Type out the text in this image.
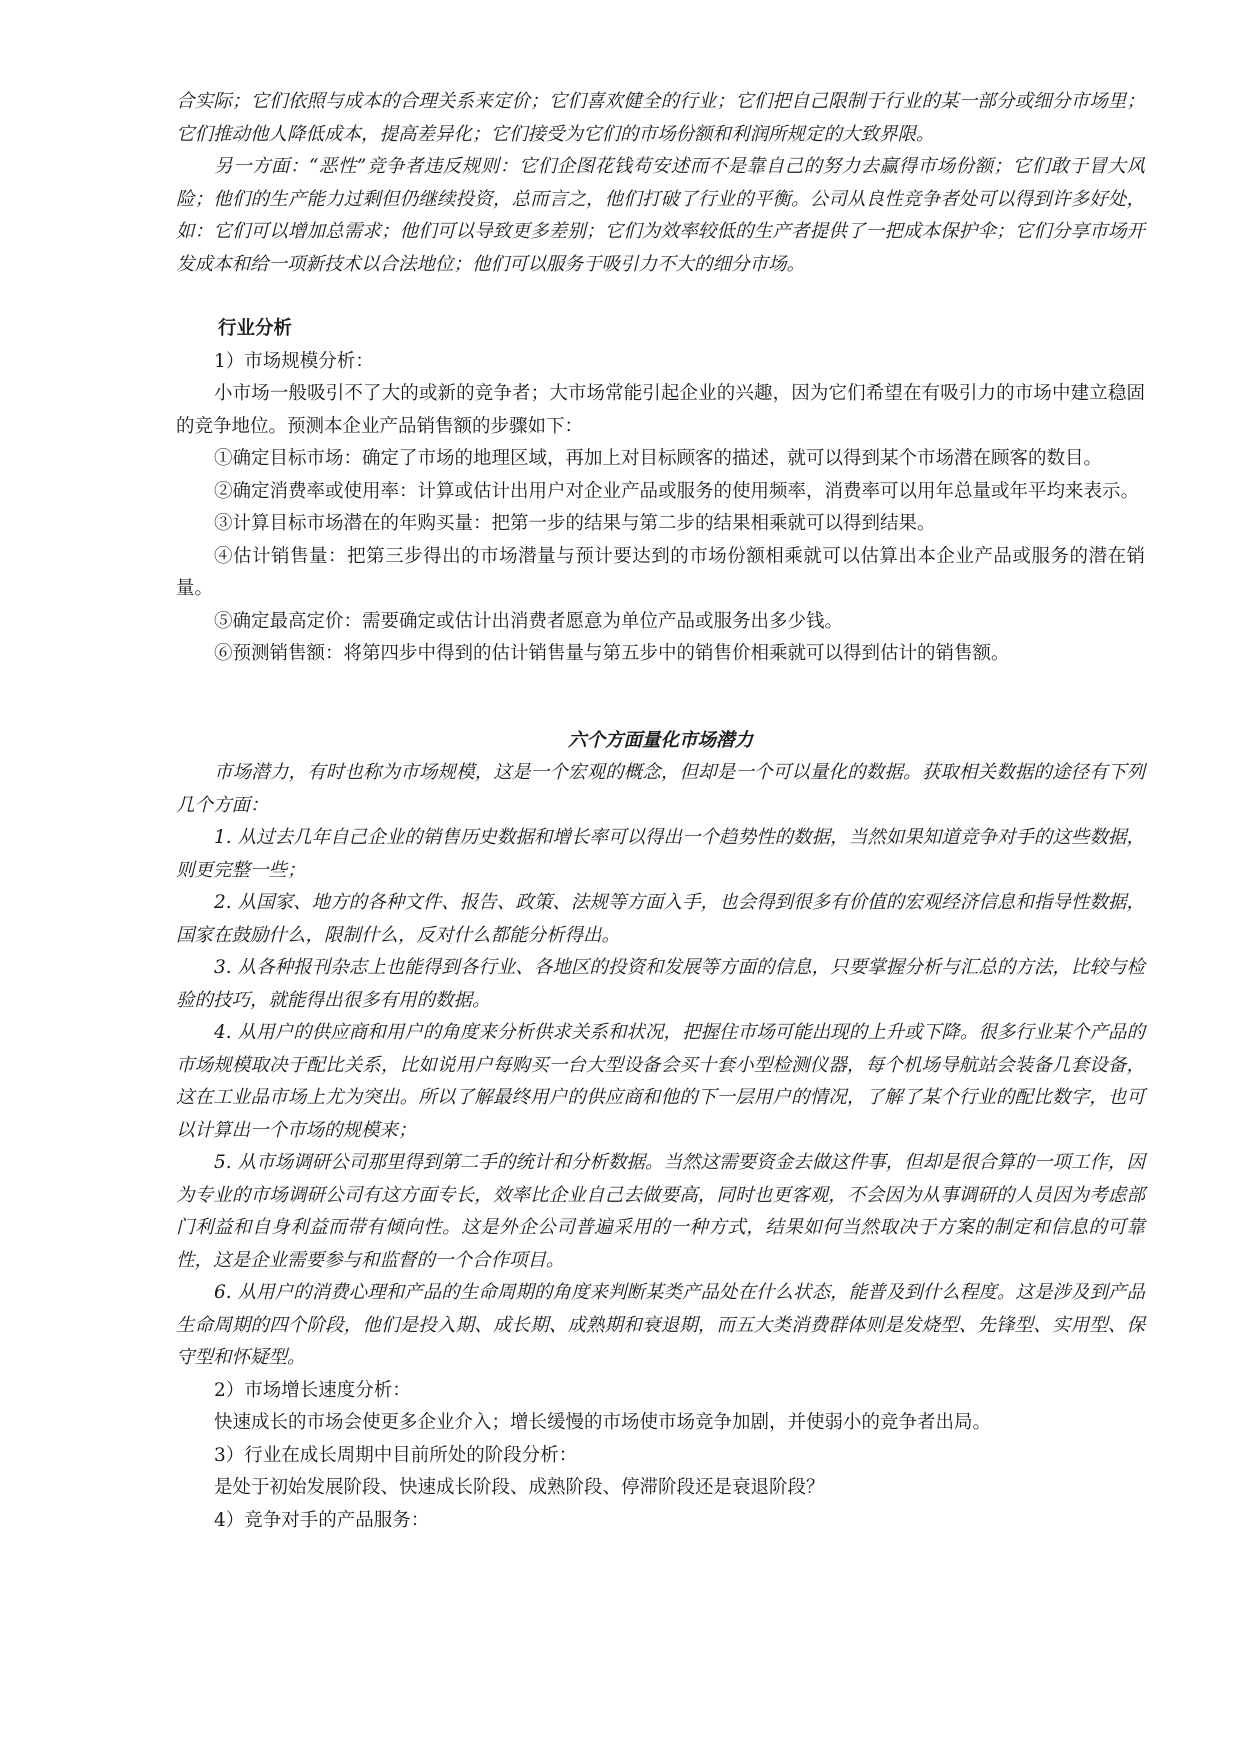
合实际；它们依照与成本的合理关系来定价；它们喜欢健全的行业；它们把自己限制于行业的某一部分或细分市场里；它们推动他人降低成本，提高差异化；它们接受为它们的市场份额和利润所规定的大致界限。

另一方面：“恶性”竞争者违反规则：它们企图花钱苟安述而不是靠自己的努力去赢得市场份额；它们敢于冒大风险；他们的生产能力过剩但仍继续投资，总而言之，他们打破了行业的平衡。公司从良性竞争者处可以得到许多好处，如：它们可以增加总需求；他们可以导致更多差别；它们为效率较低的生产者提供了一把成本保护伞；它们分享市场开发成本和给一项新技术以合法地位；他们可以服务于吸引力不大的细分市场。

行业分析

1）市场规模分析：

小市场一般吸引不了大的或新的竞争者；大市场常能引起企业的兴趣，因为它们希望在有吸引力的市场中建立稳固的竞争地位。预测本企业产品销售额的步骤如下：

①确定目标市场：确定了市场的地理区域，再加上对目标顾客的描述，就可以得到某个市场潜在顾客的数目。

②确定消费率或使用率：计算或估计出用户对企业产品或服务的使用频率，消费率可以用年总量或年平均来表示。

③计算目标市场潜在的年购买量：把第一步的结果与第二步的结果相乘就可以得到结果。

④估计销售量：把第三步得出的市场潜量与预计要达到的市场份额相乘就可以估算出本企业产品或服务的潜在销量。

⑤确定最高定价：需要确定或估计出消费者愿意为单位产品或服务出多少钱。

⑥预测销售额：将第四步中得到的估计销售量与第五步中的销售价相乘就可以得到估计的销售额。

六个方面量化市场潜力

市场潜力，有时也称为市场规模，这是一个宏观的概念，但却是一个可以量化的数据。获取相关数据的途径有下列几个方面：

1. 从过去几年自己企业的销售历史数据和增长率可以得出一个趋势性的数据，当然如果知道竞争对手的这些数据，则更完整一些；

2. 从国家、地方的各种文件、报告、政策、法规等方面入手，也会得到很多有价值的宏观经济信息和指导性数据，国家在鼓励什么，限制什么，反对什么都能分析得出。

3. 从各种报刊杂志上也能得到各行业、各地区的投资和发展等方面的信息，只要掌握分析与汇总的方法，比较与检验的技巧，就能得出很多有用的数据。

4. 从用户的供应商和用户的角度来分析供求关系和状况，把握住市场可能出现的上升或下降。很多行业某个产品的市场规模取决于配比关系，比如说用户每购买一台大型设备会买十套小型检测仪器，每个机场导航站会装备几套设备，这在工业品市场上尤为突出。所以了解最终用户的供应商和他的下一层用户的情况，了解了某个行业的配比数字，也可以计算出一个市场的规模来；

5. 从市场调研公司那里得到第二手的统计和分析数据。当然这需要资金去做这件事，但却是很合算的一项工作，因为专业的市场调研公司有这方面专长，效率比企业自己去做要高，同时也更客观，不会因为从事调研的人员因为考虑部门利益和自身利益而带有倾向性。这是外企公司普遍采用的一种方式，结果如何当然取决于方案的制定和信息的可靠性，这是企业需要参与和监督的一个合作项目。

6. 从用户的消费心理和产品的生命周期的角度来判断某类产品处在什么状态，能普及到什么程度。这是涉及到产品生命周期的四个阶段，他们是投入期、成长期、成熟期和衰退期，而五大类消费群体则是发烧型、先锋型、实用型、保守型和怀疑型。

2）市场增长速度分析：

快速成长的市场会使更多企业介入；增长缓慢的市场使市场竞争加剧，并使弱小的竞争者出局。

3）行业在成长周期中目前所处的阶段分析：

是处于初始发展阶段、快速成长阶段、成熟阶段、停滞阶段还是衰退阶段？

4）竞争对手的产品服务：
